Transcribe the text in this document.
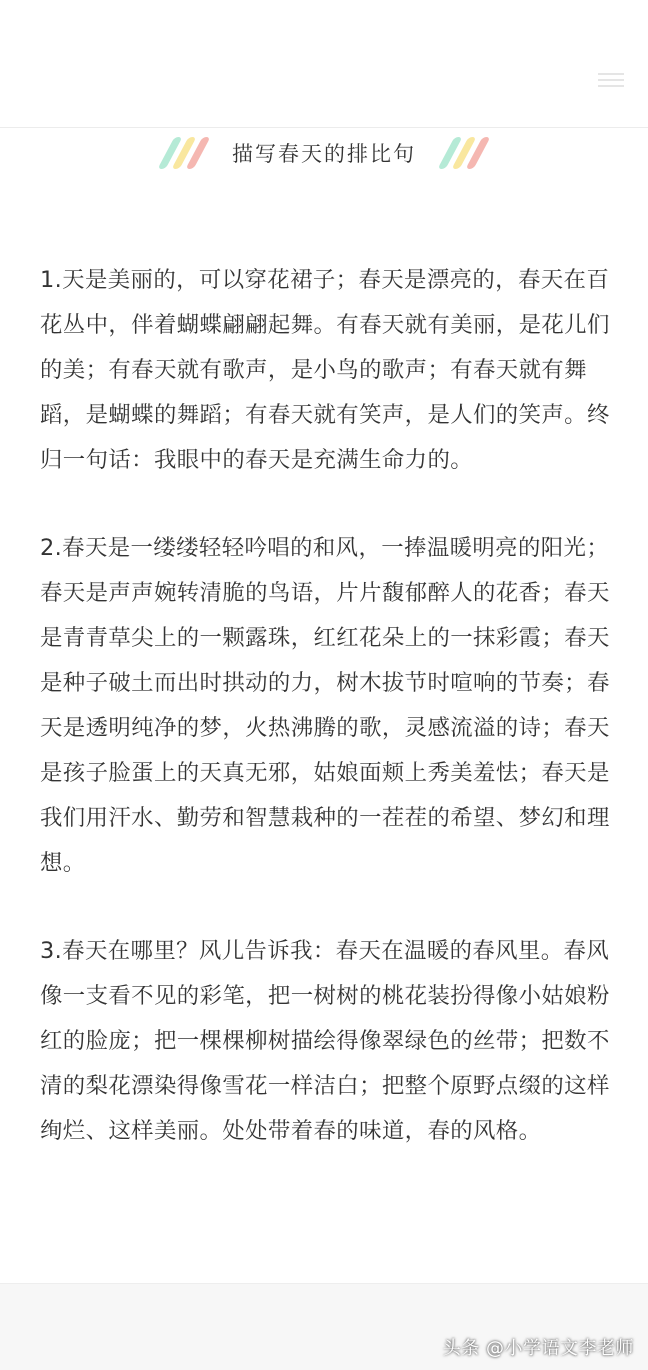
描写春天的排比句

1.天是美丽的，可以穿花裙子；春天是漂亮的，春天在百花丛中，伴着蝴蝶翩翩起舞。有春天就有美丽，是花儿们的美；有春天就有歌声，是小鸟的歌声；有春天就有舞蹈，是蝴蝶的舞蹈；有春天就有笑声，是人们的笑声。终归一句话：我眼中的春天是充满生命力的。

2.春天是一缕缕轻轻吟唱的和风，一捧温暖明亮的阳光；春天是声声婉转清脆的鸟语，片片馥郁醉人的花香；春天是青青草尖上的一颗露珠，红红花朵上的一抹彩霞；春天是种子破土而出时拱动的力，树木拔节时喧响的节奏；春天是透明纯净的梦，火热沸腾的歌，灵感流溢的诗；春天是孩子脸蛋上的天真无邪，姑娘面颊上秀美羞怯；春天是我们用汗水、勤劳和智慧栽种的一茬茬的希望、梦幻和理想。

3.春天在哪里？风儿告诉我：春天在温暖的春风里。春风像一支看不见的彩笔，把一树树的桃花装扮得像小姑娘粉红的脸庞；把一棵棵柳树描绘得像翠绿色的丝带；把数不清的梨花漂染得像雪花一样洁白；把整个原野点缀的这样绚烂、这样美丽。处处带着春的味道，春的风格。

头条 @小学语文李老师
